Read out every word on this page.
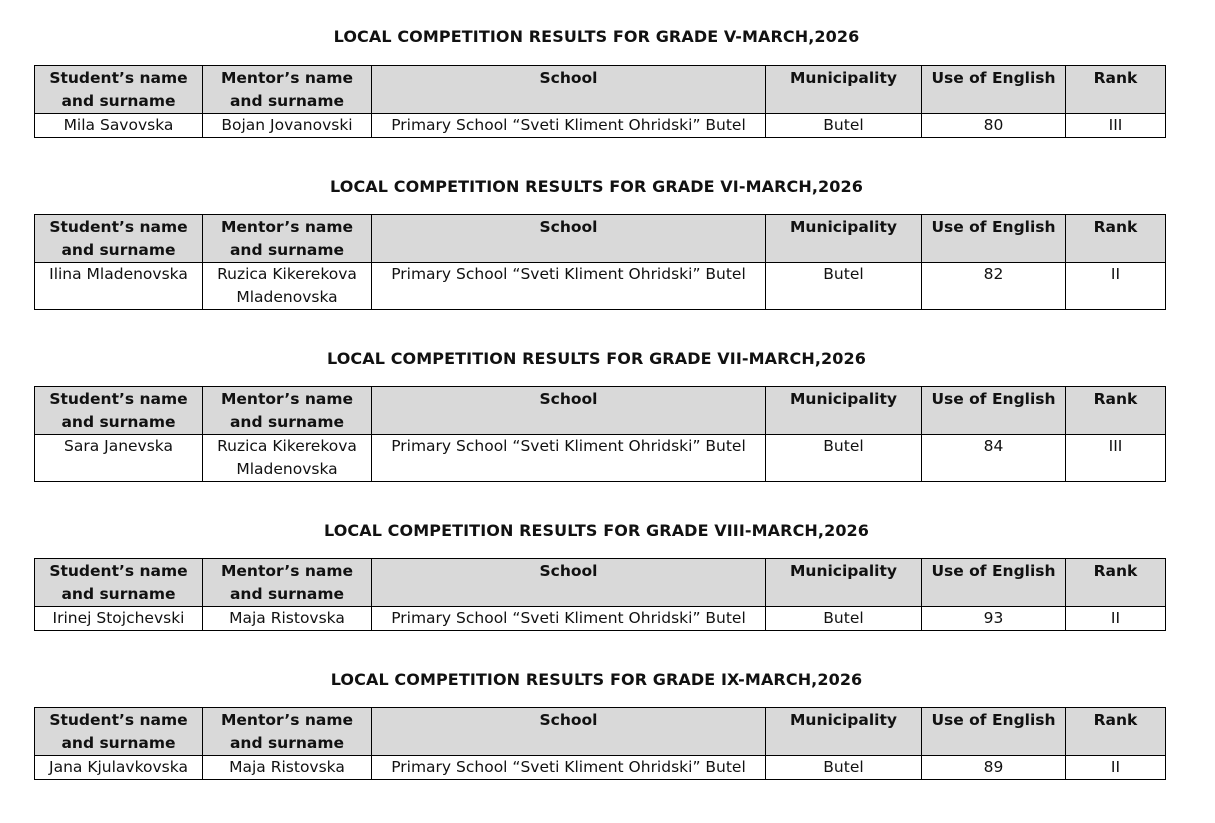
LOCAL COMPETITION RESULTS FOR GRADE V-MARCH,2026
Student’s name and surname	Mentor’s name and surname	School	Municipality	Use of English	Rank
Mila Savovska	Bojan Jovanovski	Primary School “Sveti Kliment Ohridski” Butel	Butel	80	III
LOCAL COMPETITION RESULTS FOR GRADE VI-MARCH,2026
Student’s name and surname	Mentor’s name and surname	School	Municipality	Use of English	Rank
Ilina Mladenovska	Ruzica Kikerekova Mladenovska	Primary School “Sveti Kliment Ohridski” Butel	Butel	82	II
LOCAL COMPETITION RESULTS FOR GRADE VII-MARCH,2026
Student’s name and surname	Mentor’s name and surname	School	Municipality	Use of English	Rank
Sara Janevska	Ruzica Kikerekova Mladenovska	Primary School “Sveti Kliment Ohridski” Butel	Butel	84	III
LOCAL COMPETITION RESULTS FOR GRADE VIII-MARCH,2026
Student’s name and surname	Mentor’s name and surname	School	Municipality	Use of English	Rank
Irinej Stojchevski	Maja Ristovska	Primary School “Sveti Kliment Ohridski” Butel	Butel	93	II
LOCAL COMPETITION RESULTS FOR GRADE IX-MARCH,2026
Student’s name and surname	Mentor’s name and surname	School	Municipality	Use of English	Rank
Jana Kjulavkovska	Maja Ristovska	Primary School “Sveti Kliment Ohridski” Butel	Butel	89	II
